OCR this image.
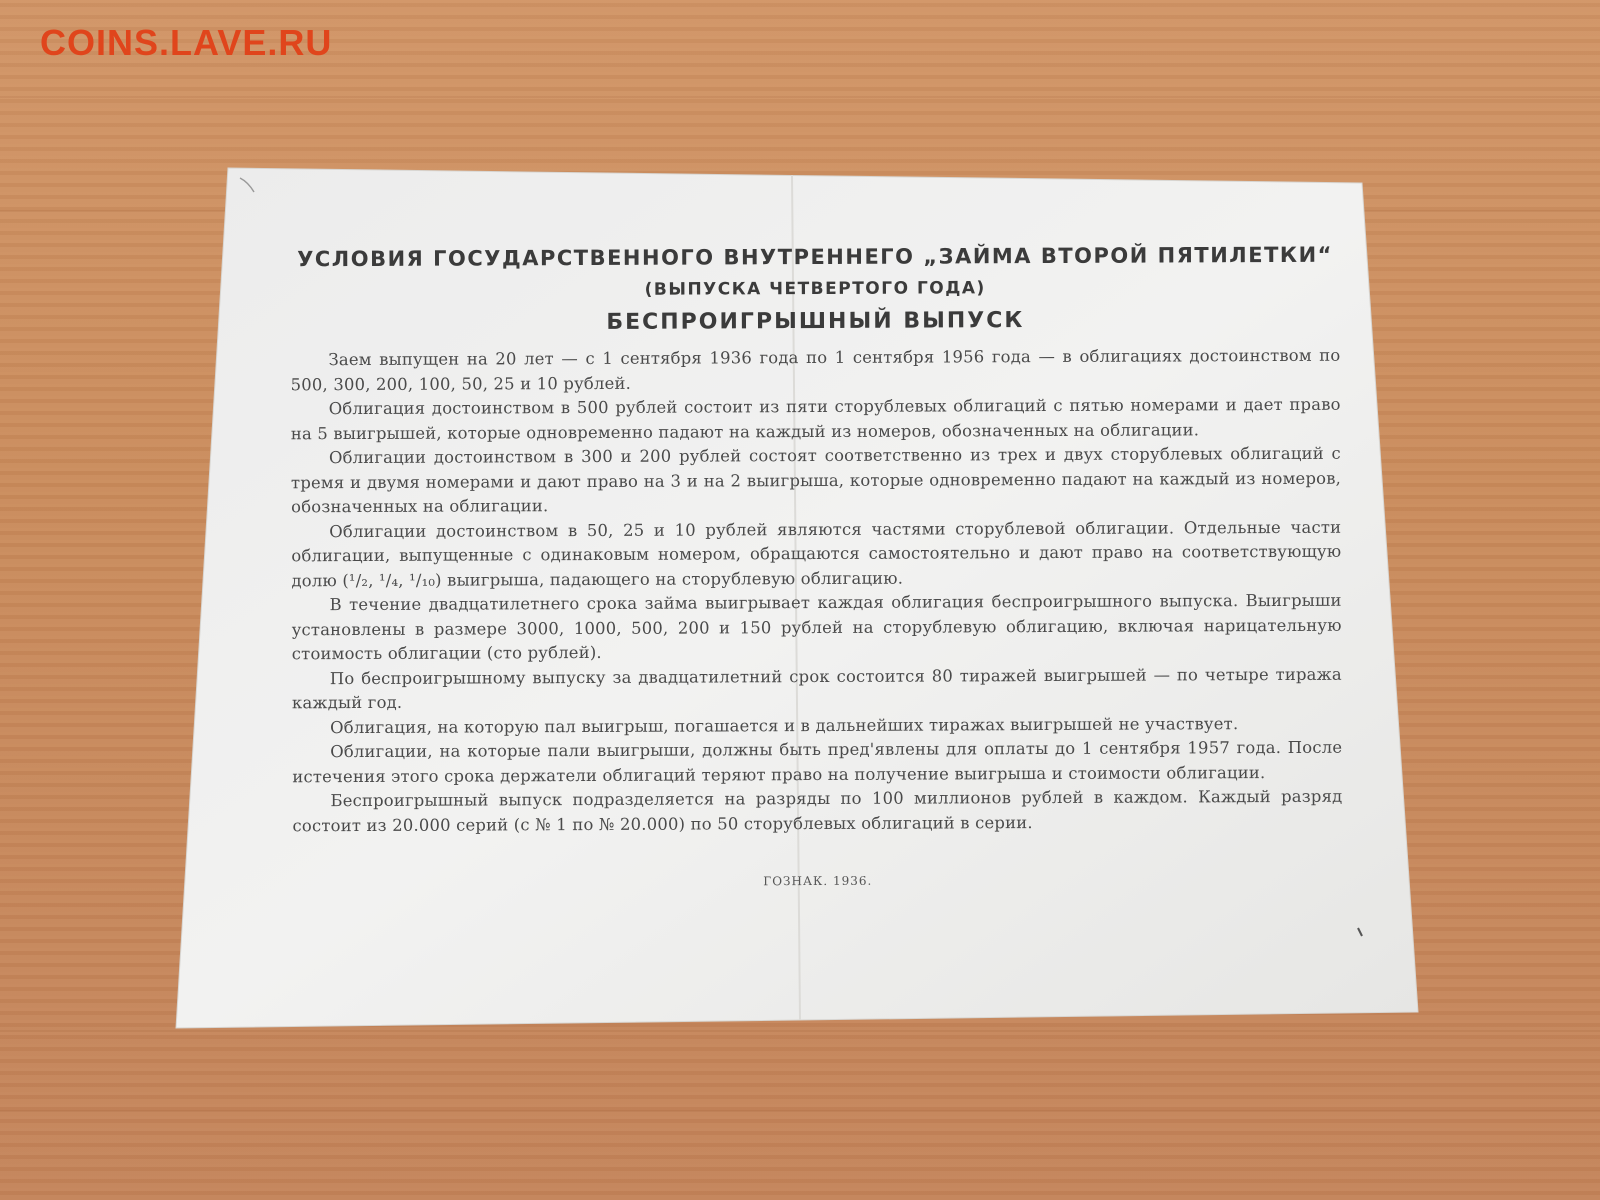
COINS.LAVE.RU
УСЛОВИЯ ГОСУДАРСТВЕННОГО ВНУТРЕННЕГО „ЗАЙМА ВТОРОЙ ПЯТИЛЕТКИ“
(ВЫПУСКА ЧЕТВЕРТОГО ГОДА)
БЕСПРОИГРЫШНЫЙ ВЫПУСК

Заем выпущен на 20 лет — с 1 сентября 1936 года по 1 сентября 1956 года — в облигациях достоинством по 500, 300, 200, 100, 50, 25 и 10 рублей.

Облигация достоинством в 500 рублей состоит из пяти сторублевых облигаций с пятью номерами и дает право на 5 выигрышей, которые одновременно падают на каждый из номеров, обозначенных на облигации.

Облигации достоинством в 300 и 200 рублей состоят соответственно из трех и двух сторублевых облигаций с тремя и двумя номерами и дают право на 3 и на 2 выигрыша, которые одновременно падают на каждый из номеров, обозначенных на облигации.

Облигации достоинством в 50, 25 и 10 рублей являются частями сторублевой облигации. Отдельные части облигации, выпущенные с одинаковым номером, обращаются самостоятельно и дают право на соответствующую долю (¹/₂, ¹/₄, ¹/₁₀) выигрыша, падающего на сторублевую облигацию.

В течение двадцатилетнего срока займа выигрывает каждая облигация беспроигрышного выпуска. Выигрыши установлены в размере 3000, 1000, 500, 200 и 150 рублей на сторублевую облигацию, включая нарицательную стоимость облигации (сто рублей).

По беспроигрышному выпуску за двадцатилетний срок состоится 80 тиражей выигрышей — по четыре тиража каждый год.

Облигация, на которую пал выигрыш, погашается и в дальнейших тиражах выигрышей не участвует.

Облигации, на которые пали выигрыши, должны быть пред'явлены для оплаты до 1 сентября 1957 года. После истечения этого срока держатели облигаций теряют право на получение выигрыша и стоимости облигации.

Беспроигрышный выпуск подразделяется на разряды по 100 миллионов рублей в каждом. Каждый разряд состоит из 20.000 серий (с № 1 по № 20.000) по 50 сторублевых облигаций в серии.

ГОЗНАК. 1936.
